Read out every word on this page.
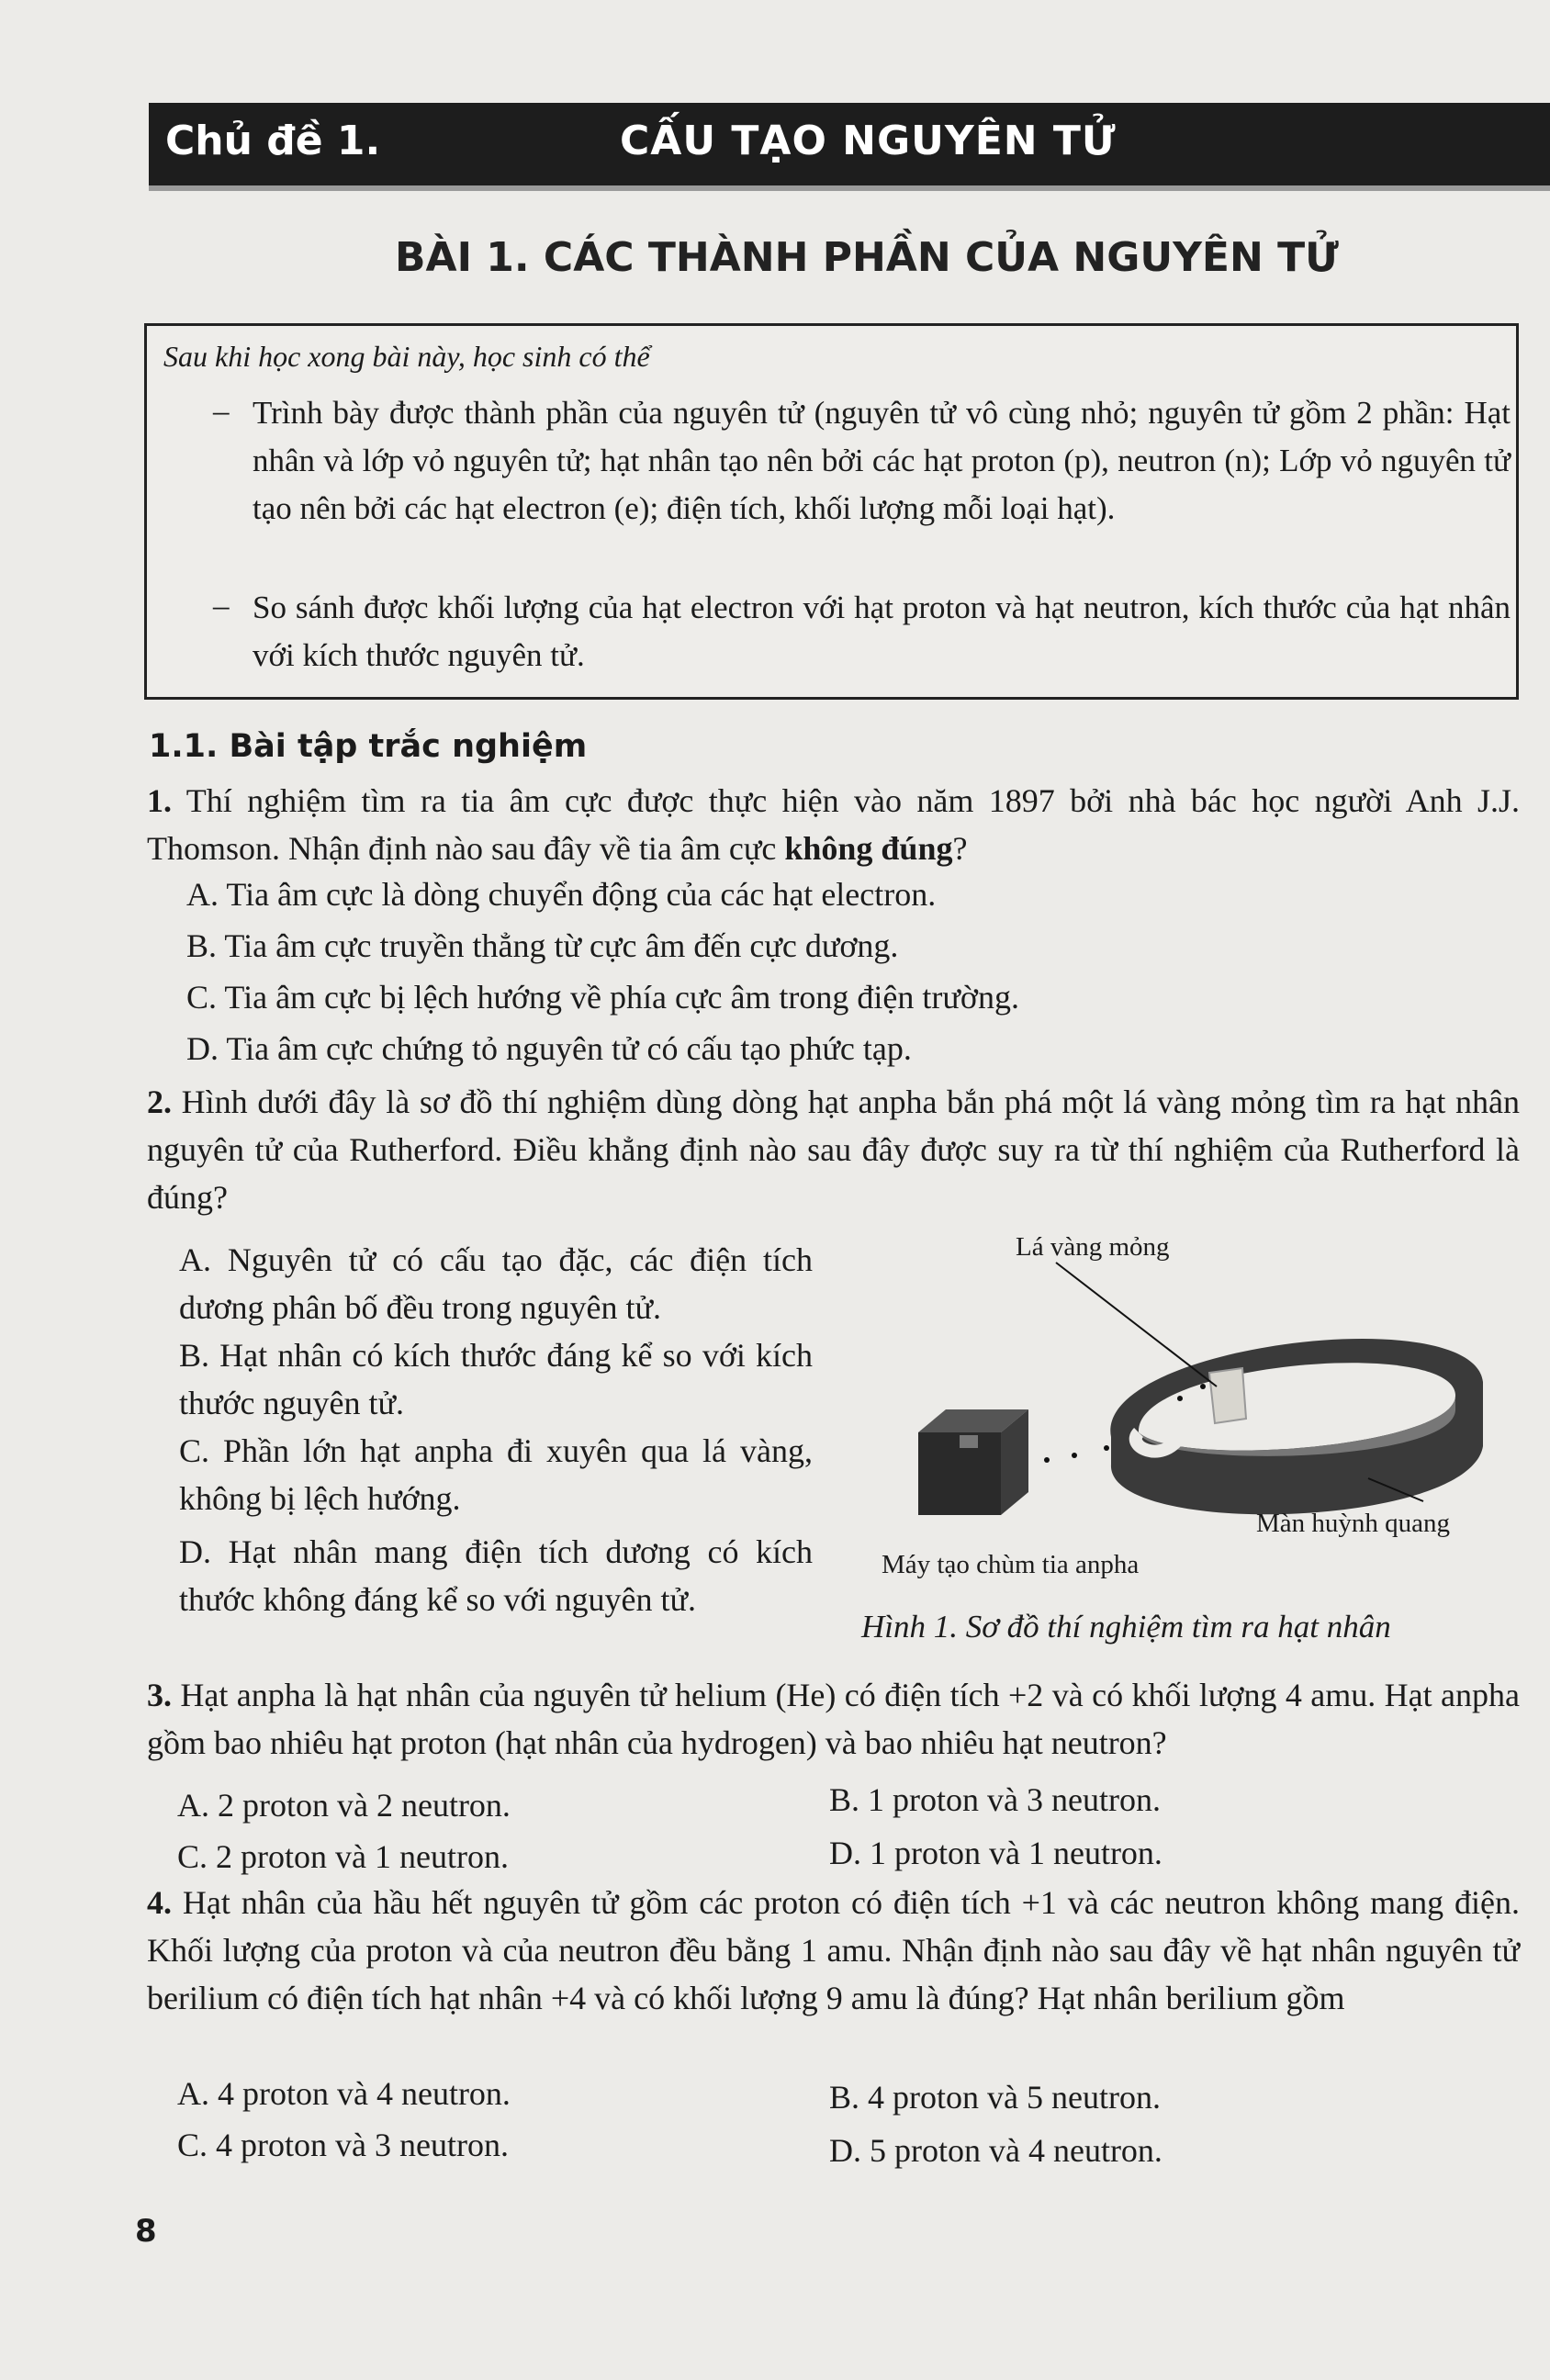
Chủ đề 1.	CẤU TẠO NGUYÊN TỬ
BÀI 1. CÁC THÀNH PHẦN CỦA NGUYÊN TỬ
Sau khi học xong bài này, học sinh có thể
– Trình bày được thành phần của nguyên tử (nguyên tử vô cùng nhỏ; nguyên tử gồm 2 phần: Hạt nhân và lớp vỏ nguyên tử; hạt nhân tạo nên bởi các hạt proton (p), neutron (n); Lớp vỏ nguyên tử tạo nên bởi các hạt electron (e); điện tích, khối lượng mỗi loại hạt).
– So sánh được khối lượng của hạt electron với hạt proton và hạt neutron, kích thước của hạt nhân với kích thước nguyên tử.
1.1. Bài tập trắc nghiệm
1. Thí nghiệm tìm ra tia âm cực được thực hiện vào năm 1897 bởi nhà bác học người Anh J.J. Thomson. Nhận định nào sau đây về tia âm cực không đúng?
A. Tia âm cực là dòng chuyển động của các hạt electron.
B. Tia âm cực truyền thẳng từ cực âm đến cực dương.
C. Tia âm cực bị lệch hướng về phía cực âm trong điện trường.
D. Tia âm cực chứng tỏ nguyên tử có cấu tạo phức tạp.
2. Hình dưới đây là sơ đồ thí nghiệm dùng dòng hạt anpha bắn phá một lá vàng mỏng tìm ra hạt nhân nguyên tử của Rutherford. Điều khẳng định nào sau đây được suy ra từ thí nghiệm của Rutherford là đúng?
A. Nguyên tử có cấu tạo đặc, các điện tích dương phân bố đều trong nguyên tử.
B. Hạt nhân có kích thước đáng kể so với kích thước nguyên tử.
C. Phần lớn hạt anpha đi xuyên qua lá vàng, không bị lệch hướng.
D. Hạt nhân mang điện tích dương có kích thước không đáng kể so với nguyên tử.
Lá vàng mỏng
Màn huỳnh quang
Máy tạo chùm tia anpha
Hình 1. Sơ đồ thí nghiệm tìm ra hạt nhân
3. Hạt anpha là hạt nhân của nguyên tử helium (He) có điện tích +2 và có khối lượng 4 amu. Hạt anpha gồm bao nhiêu hạt proton (hạt nhân của hydrogen) và bao nhiêu hạt neutron?
A. 2 proton và 2 neutron.	B. 1 proton và 3 neutron.
C. 2 proton và 1 neutron.	D. 1 proton và 1 neutron.
4. Hạt nhân của hầu hết nguyên tử gồm các proton có điện tích +1 và các neutron không mang điện. Khối lượng của proton và của neutron đều bằng 1 amu. Nhận định nào sau đây về hạt nhân nguyên tử berilium có điện tích hạt nhân +4 và có khối lượng 9 amu là đúng? Hạt nhân berilium gồm
A. 4 proton và 4 neutron.	B. 4 proton và 5 neutron.
C. 4 proton và 3 neutron.	D. 5 proton và 4 neutron.
8
